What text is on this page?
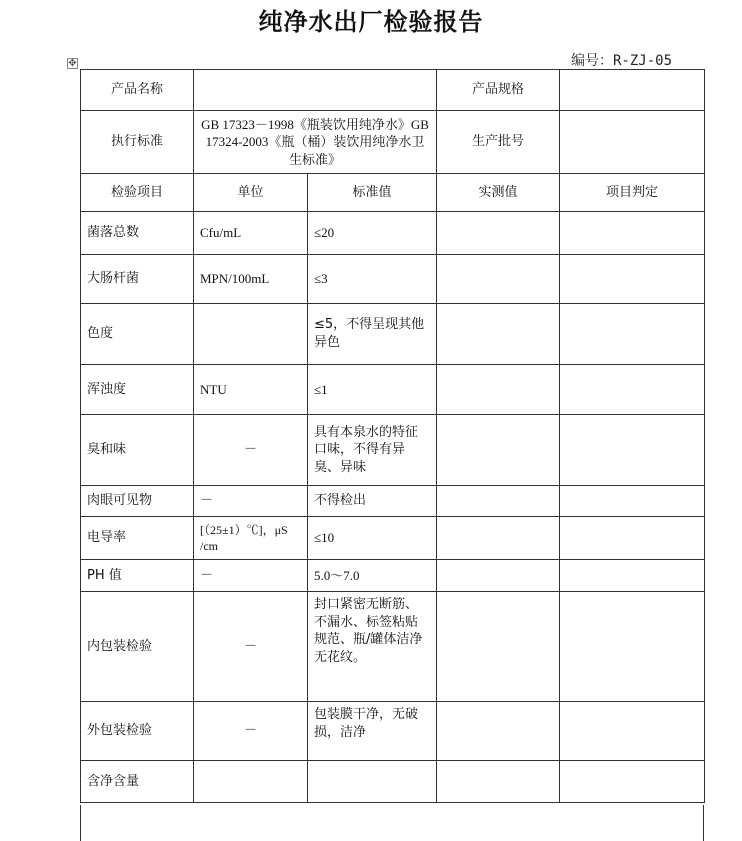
纯净水出厂检验报告
编号：R-ZJ-05
✥
产品名称			产品规格	
执行标准	GB 17323－1998《瓶装饮用纯净水》GB 17324-2003《瓶（桶）装饮用纯净水卫生标准》		生产批号	
检验项目	单位	标准值	实测值	项目判定
菌落总数	Cfu/mL	≤20		
大肠杆菌	MPN/100mL	≤3		
色度		≤5，不得呈现其他异色		
浑浊度	NTU	≤1		
臭和味	－	具有本泉水的特征口味，不得有异臭、异味		
肉眼可见物	－	不得检出		
电导率	[（25±1）℃]，μS /cm	≤10		
PH 值	－	5.0～7.0		
内包装检验	－	封口紧密无断筋、不漏水、标签粘贴规范、瓶/罐体洁净无花纹。		
外包装检验	－	包装膜干净，无破损，洁净		
含净含量				
